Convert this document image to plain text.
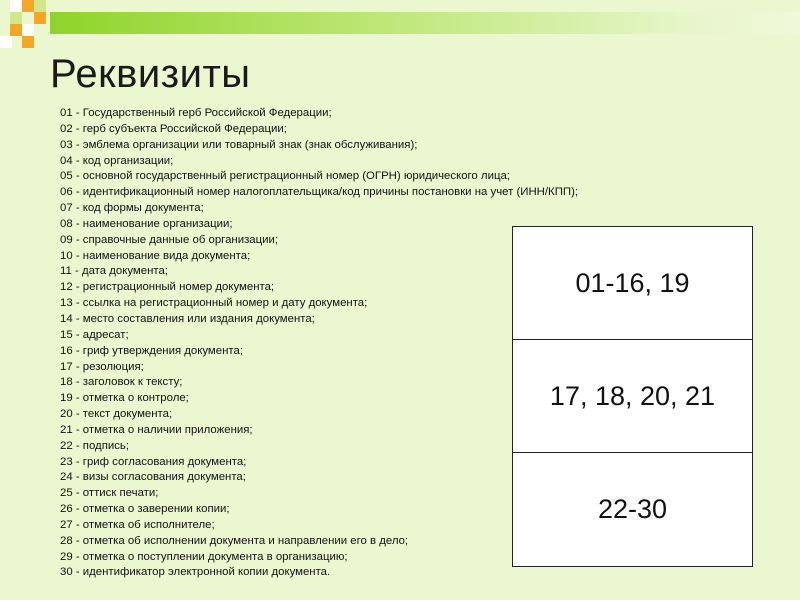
Реквизиты
01 - Государственный герб Российской Федерации;
02 - герб субъекта Российской Федерации;
03 - эмблема организации или товарный знак (знак обслуживания);
04 - код организации;
05 - основной государственный регистрационный номер (ОГРН) юридического лица;
06 - идентификационный номер налогоплательщика/код причины постановки на учет (ИНН/КПП);
07 - код формы документа;
08 - наименование организации;
09 - справочные данные об организации;
10 - наименование вида документа;
11 - дата документа;
12 - регистрационный номер документа;
13 - ссылка на регистрационный номер и дату документа;
14 - место составления или издания документа;
15 - адресат;
16 - гриф утверждения документа;
17 - резолюция;
18 - заголовок к тексту;
19 - отметка о контроле;
20 - текст документа;
21 - отметка о наличии приложения;
22 - подпись;
23 - гриф согласования документа;
24 - визы согласования документа;
25 - оттиск печати;
26 - отметка о заверении копии;
27 - отметка об исполнителе;
28 - отметка об исполнении документа и направлении его в дело;
29 - отметка о поступлении документа в организацию;
30 - идентификатор электронной копии документа.
01-16, 19
17, 18, 20, 21
22-30
